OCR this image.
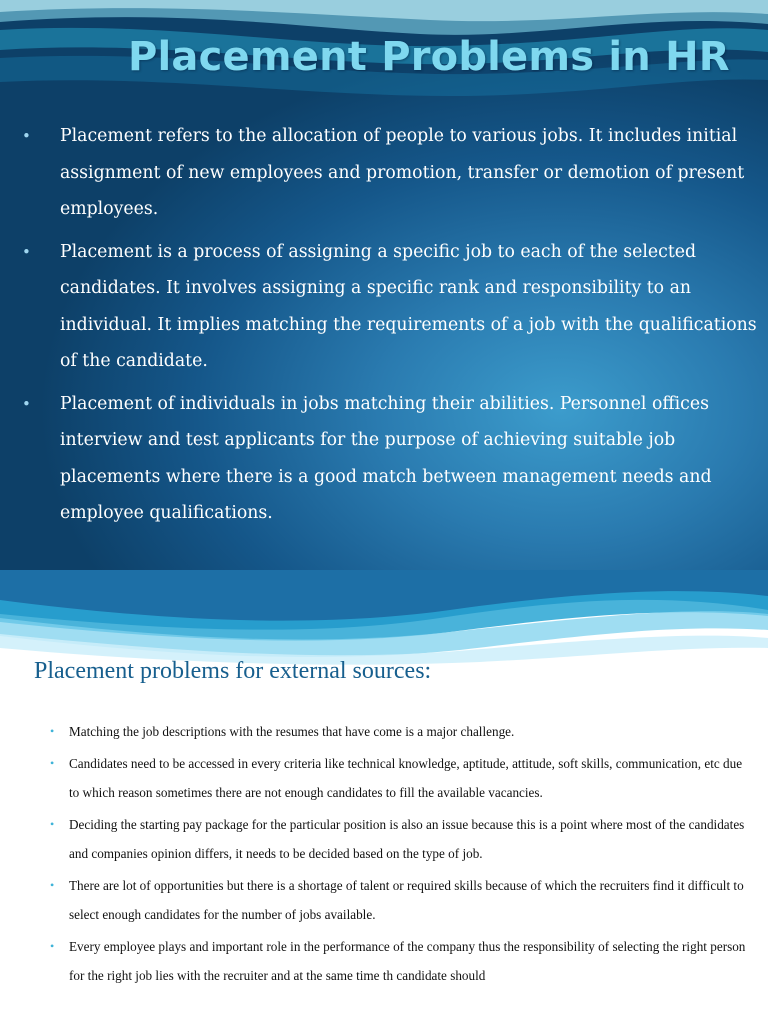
Placement Problems in HR
• Placement refers to the allocation of people to various jobs. It includes initial assignment of new employees and promotion, transfer or demotion of present employees.
• Placement is a process of assigning a specific job to each of the selected candidates. It involves assigning a specific rank and responsibility to an individual. It implies matching the requirements of a job with the qualifications of the candidate.
• Placement of individuals in jobs matching their abilities. Personnel offices interview and test applicants for the purpose of achieving suitable job placements where there is a good match between management needs and employee qualifications.
Placement problems for external sources:
• Matching the job descriptions with the resumes that have come is a major challenge.
• Candidates need to be accessed in every criteria like technical knowledge, aptitude, attitude, soft skills, communication, etc due to which reason sometimes there are not enough candidates to fill the available vacancies.
• Deciding the starting pay package for the particular position is also an issue because this is a point where most of the candidates and companies opinion differs, it needs to be decided based on the type of job.
• There are lot of opportunities but there is a shortage of talent or required skills because of which the recruiters find it difficult to select enough candidates for the number of jobs available.
• Every employee plays and important role in the performance of the company thus the responsibility of selecting the right person for the right job lies with the recruiter and at the same time th candidate should
